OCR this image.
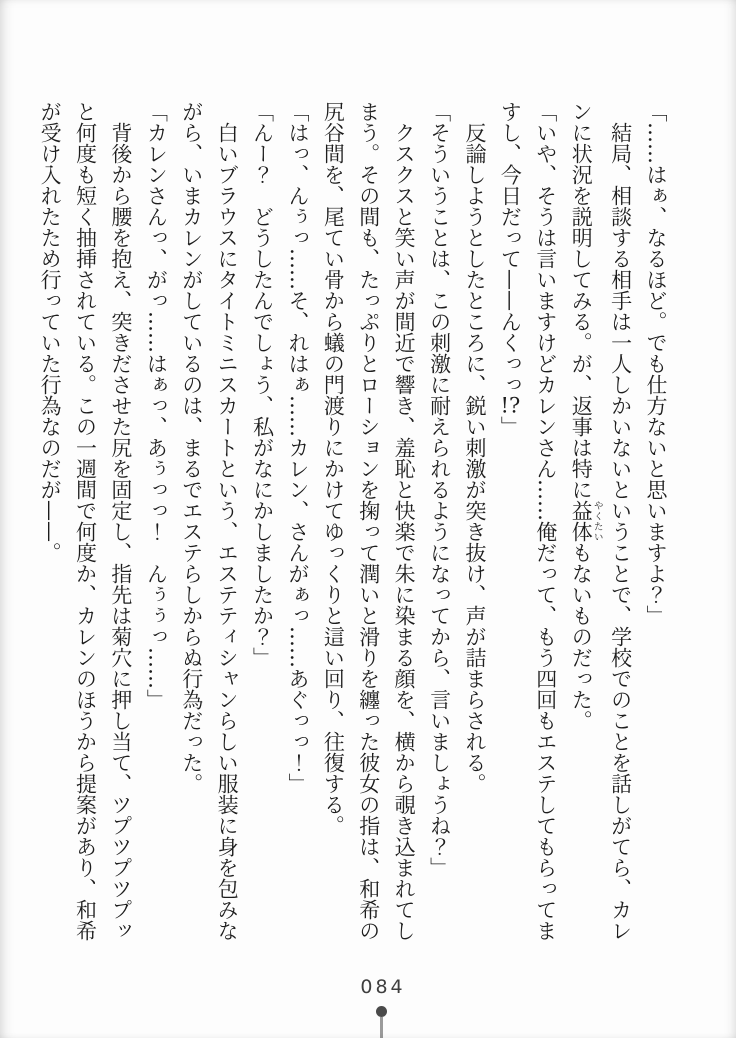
「……はぁ、なるほど。でも仕方ないと思いますよ？」

結局、相談する相手は一人しかいないということで、学校でのことを話しがてら、カレ

ンに状況を説明してみる。が、返事は特に益体やくたいもないものだった。

「いや、そうは言いますけどカレンさん……俺だって、もう四回もエステしてもらってま

すし、今日だって——んくっっ!?」

反論しようとしたところに、鋭い刺激が突き抜け、声が詰まらされる。

「そういうことは、この刺激に耐えられるようになってから、言いましょうね？」

クスクスと笑い声が間近で響き、羞恥と快楽で朱に染まる顔を、横から覗き込まれてし

まう。その間も、たっぷりとローションを掬って潤いと滑りを纏った彼女の指は、和希の

尻谷間を、尾てい骨から蟻の門渡りにかけてゆっくりと這い回り、往復する。

「はっ、んぅっ……そ、れはぁ……カレン、さんがぁっ……あぐっっ！」

「んー？　どうしたんでしょう、私がなにかしましたか？」

白いブラウスにタイトミニスカートという、エステティシャンらしい服装に身を包みな

がら、いまカレンがしているのは、まるでエステらしからぬ行為だった。

「カレンさんっ、がっ……はぁっ、あぅっっ！　んぅぅっ……」

背後から腰を抱え、突きださせた尻を固定し、指先は菊穴に押し当て、ツプツプツプッ

と何度も短く抽挿されている。この一週間で何度か、カレンのほうから提案があり、和希

が受け入れたため行っていた行為なのだが——。

084
